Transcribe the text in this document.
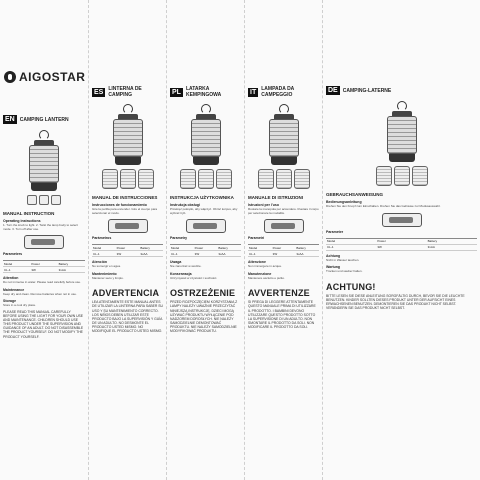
AIGOSTAR
EN	CAMPING LANTERN
MANUAL INSTRUCTION
Operating instructions
1. Turn the knob to light. 2. Twist the lamp body to select mode. 3. Turn off after use.
Parameters
Model	Power	Battery
CL-1	3W	3xAA
Attention
Do not immerse in water. Please read carefully before use.
Maintenance
Keep dry and clean. Remove batteries when not in use.
Storage
Store in a cool dry place.
PLEASE READ THIS MANUAL CAREFULLY BEFORE USING THE LIGHT FOR YOUR OWN USE AND MAINTENANCE. CHILDREN SHOULD USE THIS PRODUCT UNDER THE SUPERVISION AND GUIDANCE OF AN ADULT. DO NOT DISASSEMBLE THE PRODUCT YOURSELF. DO NOT MODIFY THE PRODUCT YOURSELF.
ES	LINTERNA DE CAMPING
MANUAL DE INSTRUCCIONES
Instrucciones de funcionamiento
Gire la perilla para encender. Gire el cuerpo para seleccionar el modo.
Parámetros
Model	Power	Battery
CL-1	3W	3xAA
Atención
No sumergir en agua.
Mantenimiento
Mantener seco y limpio.
ADVERTENCIA
LEA ATENTAMENTE ESTE MANUAL ANTES DE UTILIZAR LA LINTERNA PARA SABER SU USO Y SU MANTENIMIENTO CORRECTO. LOS NIÑOS DEBEN UTILIZAR ESTE PRODUCTO BAJO LA SUPERVISIÓN Y GUÍA DE UN ADULTO. NO DESMONTE EL PRODUCTO USTED MISMO. NO MODIFIQUE EL PRODUCTO USTED MISMO.
PL	LATARKA KEMPINGOWA
INSTRUKCJA UŻYTKOWNIKA
Instrukcja obsługi
Przekręć pokrętło, aby włączyć. Obróć korpus, aby wybrać tryb.
Parametry
Model	Power	Battery
CL-1	3W	3xAA
Uwaga
Nie zanurzać w wodzie.
Konserwacja
Utrzymywać w czystości i suchości.
OSTRZEŻENIE
PRZED ROZPOCZĘCIEM KORZYSTANIA Z LAMPY NALEŻY UWAŻNIE PRZECZYTAĆ NINIEJSZĄ INSTRUKCJĘ. DZIECI MOGĄ UŻYWAĆ PRODUKTU WYŁĄCZNIE POD NADZOREM DOROSŁYCH. NIE NALEŻY SAMODZIELNIE DEMONTOWAĆ PRODUKTU. NIE NALEŻY SAMODZIELNIE MODYFIKOWAĆ PRODUKTU.
IT	LAMPADA DA CAMPEGGIO
MANUALE DI ISTRUZIONI
Istruzioni per l'uso
Ruotare la manopola per accendere. Ruotare il corpo per selezionare la modalità.
Parametri
Model	Power	Battery
CL-1	3W	3xAA
Attenzione
Non immergere in acqua.
Manutenzione
Mantenere asciutto e pulito.
AVVERTENZE
SI PREGA DI LEGGERE ATTENTAMENTE QUESTO MANUALE PRIMA DI UTILIZZARE IL PRODOTTO. I BAMBINI DEVONO UTILIZZARE QUESTO PRODOTTO SOTTO LA SUPERVISIONE DI UN ADULTO. NON SMONTARE IL PRODOTTO DA SOLI. NON MODIFICARE IL PRODOTTO DA SOLI.
DE	CAMPING-LATERNE
GEBRAUCHSANWEISUNG
Bedienungsanleitung
Drehen Sie den Knopf zum Einschalten. Drehen Sie das Gehäuse zur Modusauswahl.
Parameter
Model	Power	Battery
CL-1	3W	3xAA
Achtung
Nicht in Wasser tauchen.
Wartung
Trocken und sauber halten.
ACHTUNG!
BITTE LESEN SIE DIESE ANLEITUNG SORGFÄLTIG DURCH, BEVOR SIE DIE LEUCHTE BENUTZEN. KINDER SOLLTEN DIESES PRODUKT UNTER DER AUFSICHT EINES ERWACHSENEN BENUTZEN. DEMONTIEREN SIE DAS PRODUKT NICHT SELBST. VERÄNDERN SIE DAS PRODUKT NICHT SELBST.
